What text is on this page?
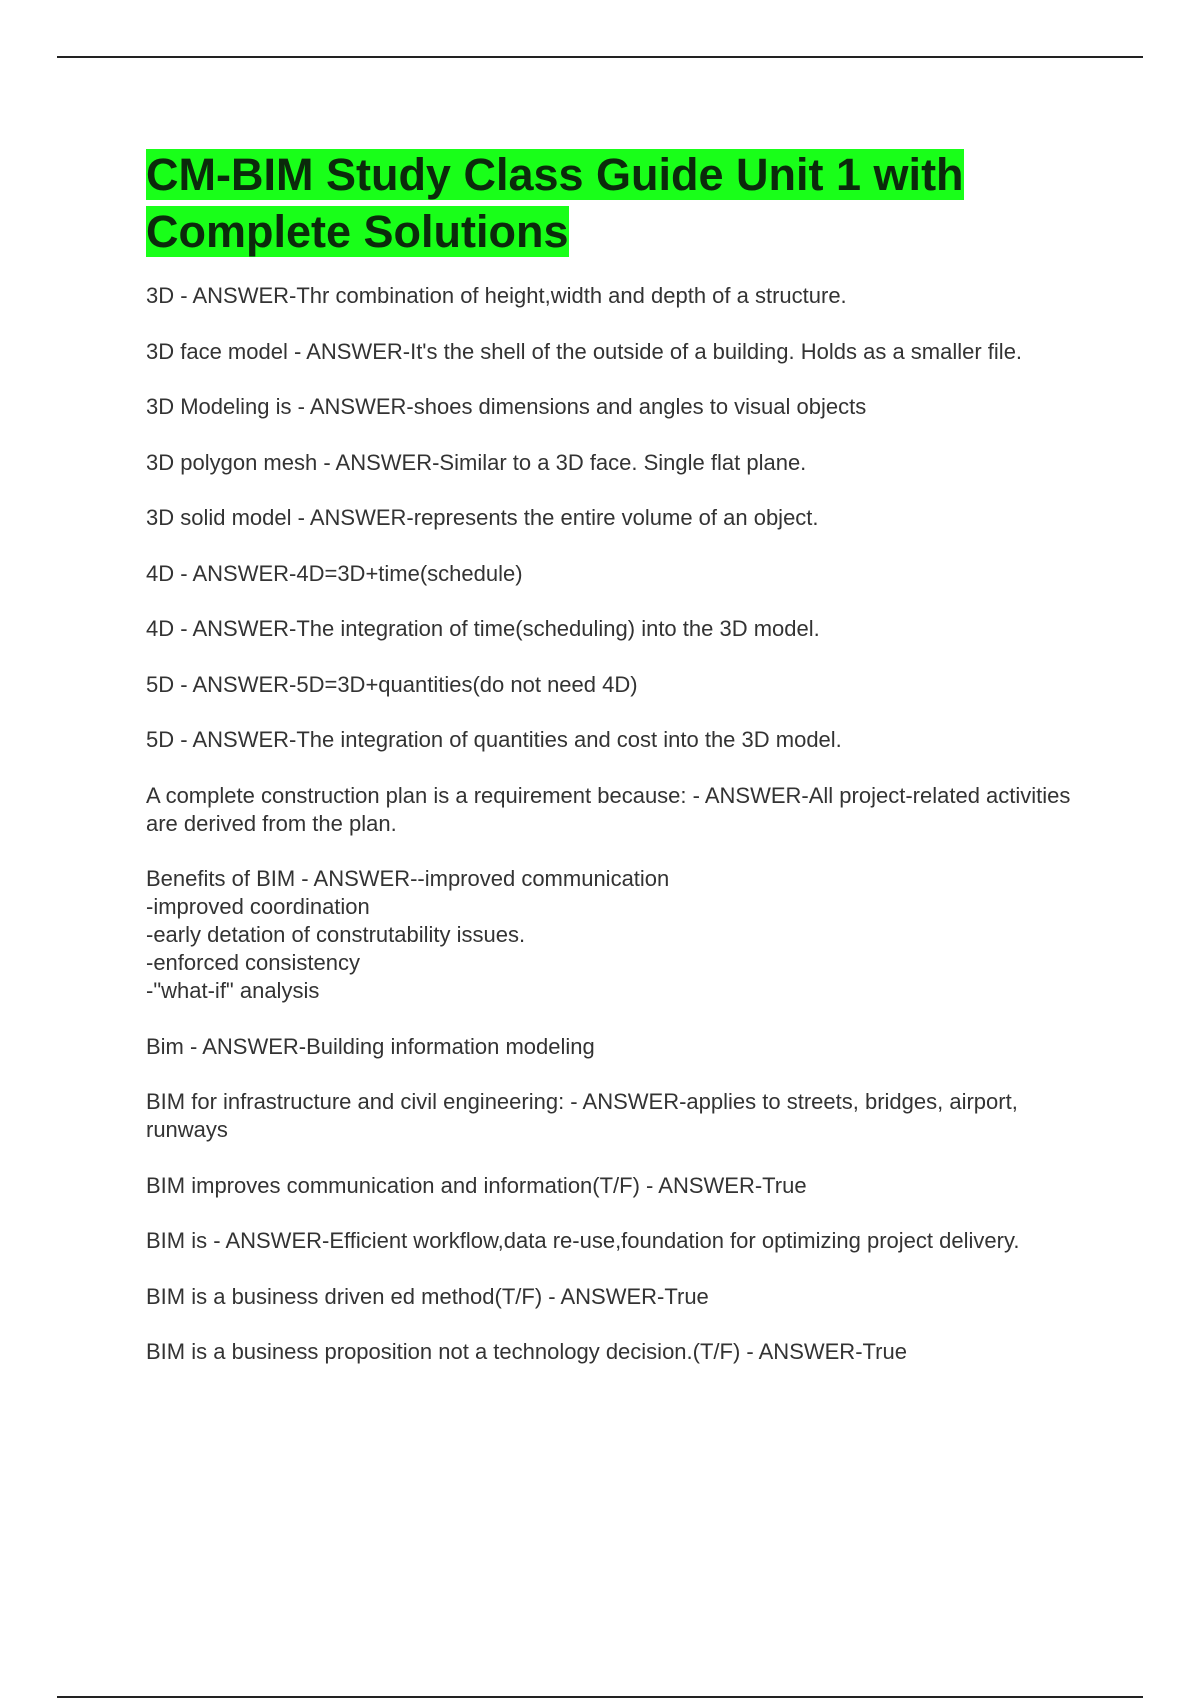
CM-BIM Study Class Guide Unit 1 with Complete Solutions

3D - ANSWER-Thr combination of height,width and depth of a structure.

3D face model - ANSWER-It's the shell of the outside of a building. Holds as a smaller file.

3D Modeling is - ANSWER-shoes dimensions and angles to visual objects

3D polygon mesh - ANSWER-Similar to a 3D face. Single flat plane.

3D solid model - ANSWER-represents the entire volume of an object.

4D - ANSWER-4D=3D+time(schedule)

4D - ANSWER-The integration of time(scheduling) into the 3D model.

5D - ANSWER-5D=3D+quantities(do not need 4D)

5D - ANSWER-The integration of quantities and cost into the 3D model.

A complete construction plan is a requirement because: - ANSWER-All project-related activities are derived from the plan.

Benefits of BIM - ANSWER--improved communication
-improved coordination
-early detation of construtability issues.
-enforced consistency
-"what-if" analysis

Bim - ANSWER-Building information modeling

BIM for infrastructure and civil engineering: - ANSWER-applies to streets, bridges, airport, runways

BIM improves communication and information(T/F) - ANSWER-True

BIM is - ANSWER-Efficient workflow,data re-use,foundation for optimizing project delivery.

BIM is a business driven ed method(T/F) - ANSWER-True

BIM is a business proposition not a technology decision.(T/F) - ANSWER-True
